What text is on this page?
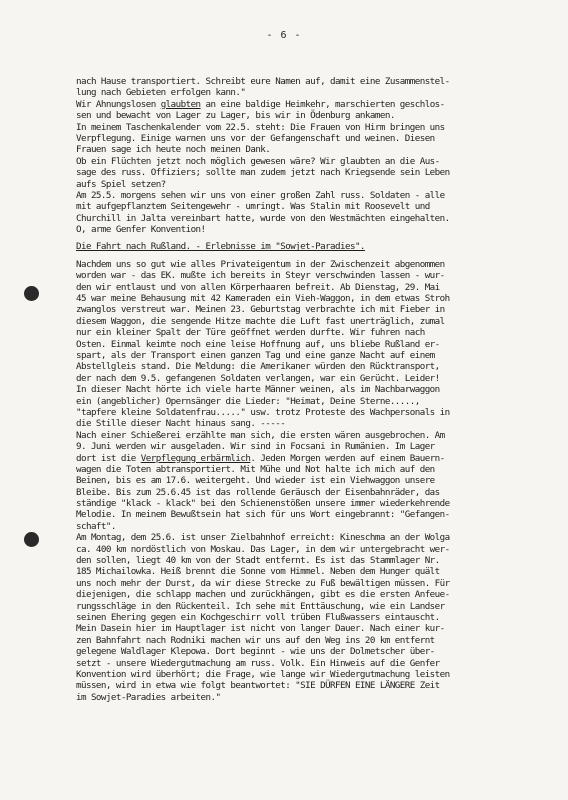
- 6 -
nach Hause transportiert. Schreibt eure Namen auf, damit eine Zusammenstel-
lung nach Gebieten erfolgen kann."
Wir Ahnungslosen glaubten an eine baldige Heimkehr, marschierten geschlos-
sen und bewacht von Lager zu Lager, bis wir in Ödenburg ankamen.
In meinem Taschenkalender vom 22.5. steht: Die Frauen von Hirm bringen uns
Verpflegung. Einige warnen uns vor der Gefangenschaft und weinen. Diesen
Frauen sage ich heute noch meinen Dank.
Ob ein Flüchten jetzt noch möglich gewesen wäre? Wir glaubten an die Aus-
sage des russ. Offiziers; sollte man zudem jetzt nach Kriegsende sein Leben
aufs Spiel setzen?
Am 25.5. morgens sehen wir uns von einer großen Zahl russ. Soldaten - alle
mit aufgepflanztem Seitengewehr - umringt. Was Stalin mit Roosevelt und
Churchill in Jalta vereinbart hatte, wurde von den Westmächten eingehalten.
O, arme Genfer Konvention!
Die Fahrt nach Rußland. - Erlebnisse im "Sowjet-Paradies".
Nachdem uns so gut wie alles Privateigentum in der Zwischenzeit abgenommen
worden war - das EK. mußte ich bereits in Steyr verschwinden lassen - wur-
den wir entlaust und von allen Körperhaaren befreit. Ab Dienstag, 29. Mai
45 war meine Behausung mit 42 Kameraden ein Vieh-Waggon, in dem etwas Stroh
zwanglos verstreut war. Meinen 23. Geburtstag verbrachte ich mit Fieber in
diesem Waggon, die sengende Hitze machte die Luft fast unerträglich, zumal
nur ein kleiner Spalt der Türe geöffnet werden durfte. Wir fuhren nach
Osten. Einmal keimte noch eine leise Hoffnung auf, uns bliebe Rußland er-
spart, als der Transport einen ganzen Tag und eine ganze Nacht auf einem
Abstellgleis stand. Die Meldung: die Amerikaner würden den Rücktransport,
der nach dem 9.5. gefangenen Soldaten verlangen, war ein Gerücht. Leider!
In dieser Nacht hörte ich viele harte Männer weinen, als im Nachbarwaggon
ein (angeblicher) Opernsänger die Lieder: "Heimat, Deine Sterne.....,
"tapfere kleine Soldatenfrau....." usw. trotz Proteste des Wachpersonals in
die Stille dieser Nacht hinaus sang. -----
Nach einer Schießerei erzählte man sich, die ersten wären ausgebrochen. Am
9. Juni werden wir ausgeladen. Wir sind in Focsani in Rumänien. Im Lager
dort ist die Verpflegung erbärmlich. Jeden Morgen werden auf einem Bauern-
wagen die Toten abtransportiert. Mit Mühe und Not halte ich mich auf den
Beinen, bis es am 17.6. weitergeht. Und wieder ist ein Viehwaggon unsere
Bleibe. Bis zum 25.6.45 ist das rollende Geräusch der Eisenbahnräder, das
ständige "klack - klack" bei den Schienenstößen unsere immer wiederkehrende
Melodie. In meinem Bewußtsein hat sich für uns Wort eingebrannt: "Gefangen-
schaft".
Am Montag, dem 25.6. ist unser Zielbahnhof erreicht: Kineschma an der Wolga
ca. 400 km nordöstlich von Moskau. Das Lager, in dem wir untergebracht wer-
den sollen, liegt 40 km von der Stadt entfernt. Es ist das Stammlager Nr.
185 Michailowka. Heiß brennt die Sonne vom Himmel. Neben dem Hunger quält
uns noch mehr der Durst, da wir diese Strecke zu Fuß bewältigen müssen. Für
diejenigen, die schlapp machen und zurückhängen, gibt es die ersten Anfeue-
rungsschläge in den Rückenteil. Ich sehe mit Enttäuschung, wie ein Landser
seinen Ehering gegen ein Kochgeschirr voll trüben Flußwassers eintauscht.
Mein Dasein hier im Hauptlager ist nicht von langer Dauer. Nach einer kur-
zen Bahnfahrt nach Rodniki machen wir uns auf den Weg ins 20 km entfernt
gelegene Waldlager Klepowa. Dort beginnt - wie uns der Dolmetscher über-
setzt - unsere Wiedergutmachung am russ. Volk. Ein Hinweis auf die Genfer
Konvention wird überhört; die Frage, wie lange wir Wiedergutmachung leisten
müssen, wird in etwa wie folgt beantwortet: "SIE DÜRFEN EINE LÄNGERE Zeit
im Sowjet-Paradies arbeiten."
